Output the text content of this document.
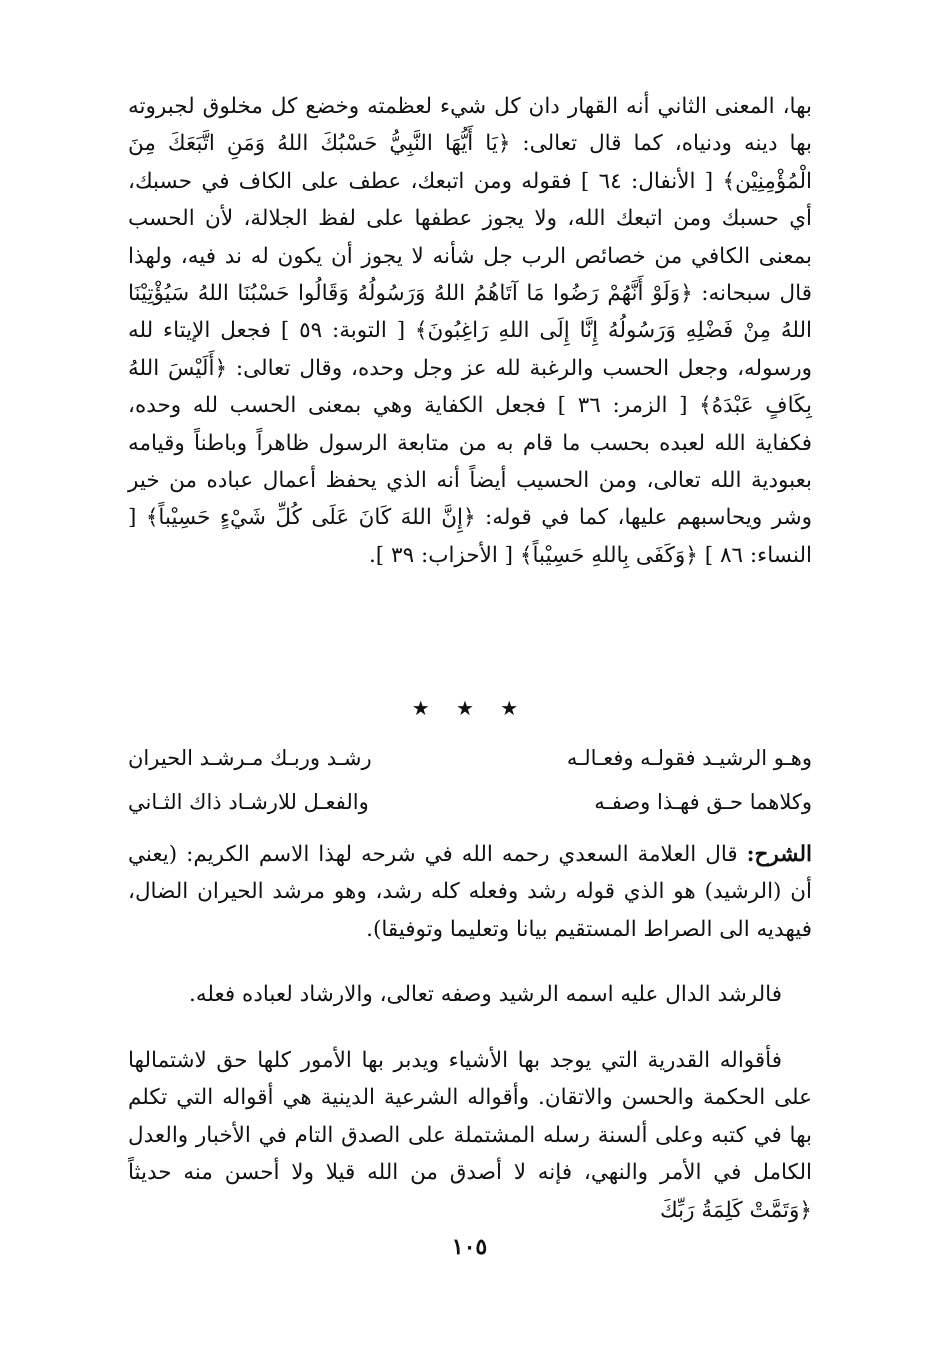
بها، المعنى الثاني أنه القهار دان كل شيء لعظمته وخضع كل مخلوق لجبروته بها دينه ودنياه، كما قال تعالى: ﴿يَا أَيُّهَا النَّبِيُّ حَسْبُكَ اللهُ وَمَنِ اتَّبَعَكَ مِنَ الْمُؤْمِنِيْن﴾ [ الأنفال: ٦٤ ] فقوله ومن اتبعك، عطف على الكاف في حسبك، أي حسبك ومن اتبعك الله، ولا يجوز عطفها على لفظ الجلالة، لأن الحسب بمعنى الكافي من خصائص الرب جل شأنه لا يجوز أن يكون له ند فيه، ولهذا قال سبحانه: ﴿وَلَوْ أَنَّهُمْ رَضُوا مَا آتَاهُمُ اللهُ وَرَسُولُهُ وَقَالُوا حَسْبُنَا اللهُ سَيُؤْتِيْنَا اللهُ مِنْ فَضْلِهِ وَرَسُولُهُ إِنَّا إِلَى اللهِ رَاغِبُونَ﴾ [ التوبة: ٥٩ ] فجعل الإيتاء لله ورسوله، وجعل الحسب والرغبة لله عز وجل وحده، وقال تعالى: ﴿أَلَيْسَ اللهُ بِكَافٍ عَبْدَهُ﴾ [ الزمر: ٣٦ ] فجعل الكفاية وهي بمعنى الحسب لله وحده، فكفاية الله لعبده بحسب ما قام به من متابعة الرسول ظاهراً وباطناً وقيامه بعبودية الله تعالى، ومن الحسيب أيضاً أنه الذي يحفظ أعمال عباده من خير وشر ويحاسبهم عليها، كما في قوله: ﴿إِنَّ اللهَ كَانَ عَلَى كُلِّ شَيْءٍ حَسِيْباً﴾ [ النساء: ٨٦ ] ﴿وَكَفَى بِاللهِ حَسِيْباً﴾ [ الأحزاب: ٣٩ ].

★ ★ ★
وهـو الرشيـد فقولـه وفعـالـه
رشـد وربـك مـرشـد الحيران
وكلاهما حـق فهـذا وصفـه
والفعـل للارشـاد ذاك الثـاني

الشرح: قال العلامة السعدي رحمه الله في شرحه لهذا الاسم الكريم: (يعني أن (الرشيد) هو الذي قوله رشد وفعله كله رشد، وهو مرشد الحيران الضال، فيهديه الى الصراط المستقيم بيانا وتعليما وتوفيقا).

فالرشد الدال عليه اسمه الرشيد وصفه تعالى، والارشاد لعباده فعله.

فأقواله القدرية التي يوجد بها الأشياء ويدبر بها الأمور كلها حق لاشتمالها على الحكمة والحسن والاتقان. وأقواله الشرعية الدينية هي أقواله التي تكلم بها في كتبه وعلى ألسنة رسله المشتملة على الصدق التام في الأخبار والعدل الكامل في الأمر والنهي، فإنه لا أصدق من الله قيلا ولا أحسن منه حديثاً ﴿وَتَمَّتْ كَلِمَةُ رَبِّكَ

١٠٥
